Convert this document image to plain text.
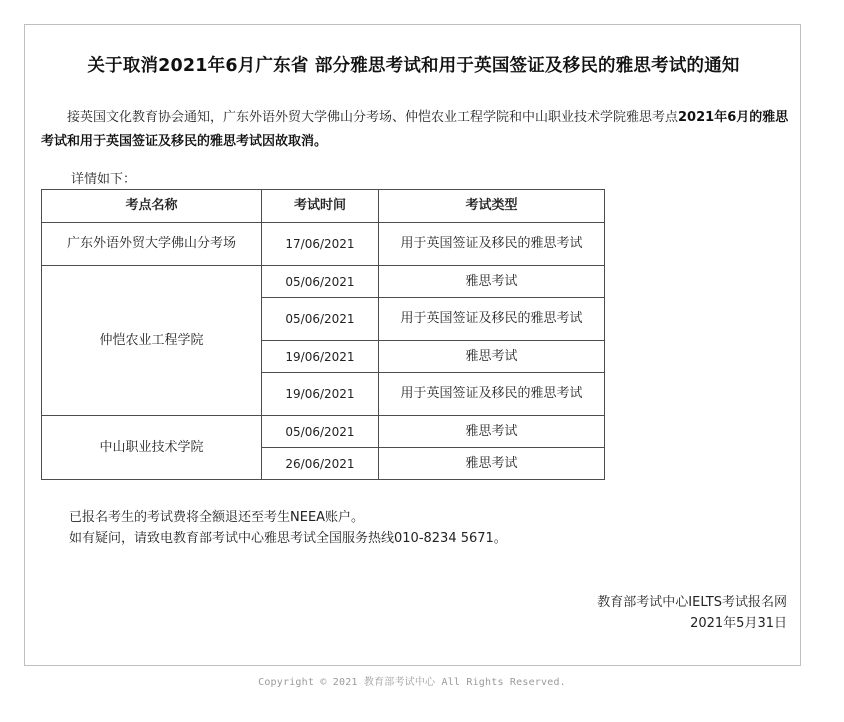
关于取消2021年6月广东省 部分雅思考试和用于英国签证及移民的雅思考试的通知
接英国文化教育协会通知，广东外语外贸大学佛山分考场、仲恺农业工程学院和中山职业技术学院雅思考点2021年6月的雅思考试和用于英国签证及移民的雅思考试因故取消。
详情如下：
考点名称	考试时间	考试类型
广东外语外贸大学佛山分考场	17/06/2021	用于英国签证及移民的雅思考试
仲恺农业工程学院	05/06/2021	雅思考试
	05/06/2021	用于英国签证及移民的雅思考试
	19/06/2021	雅思考试
	19/06/2021	用于英国签证及移民的雅思考试
中山职业技术学院	05/06/2021	雅思考试
	26/06/2021	雅思考试
已报名考生的考试费将全额退还至考生NEEA账户。
如有疑问，请致电教育部考试中心雅思考试全国服务热线010-8234 5671。
教育部考试中心IELTS考试报名网
2021年5月31日
Copyright © 2021 教育部考试中心 All Rights Reserved.
